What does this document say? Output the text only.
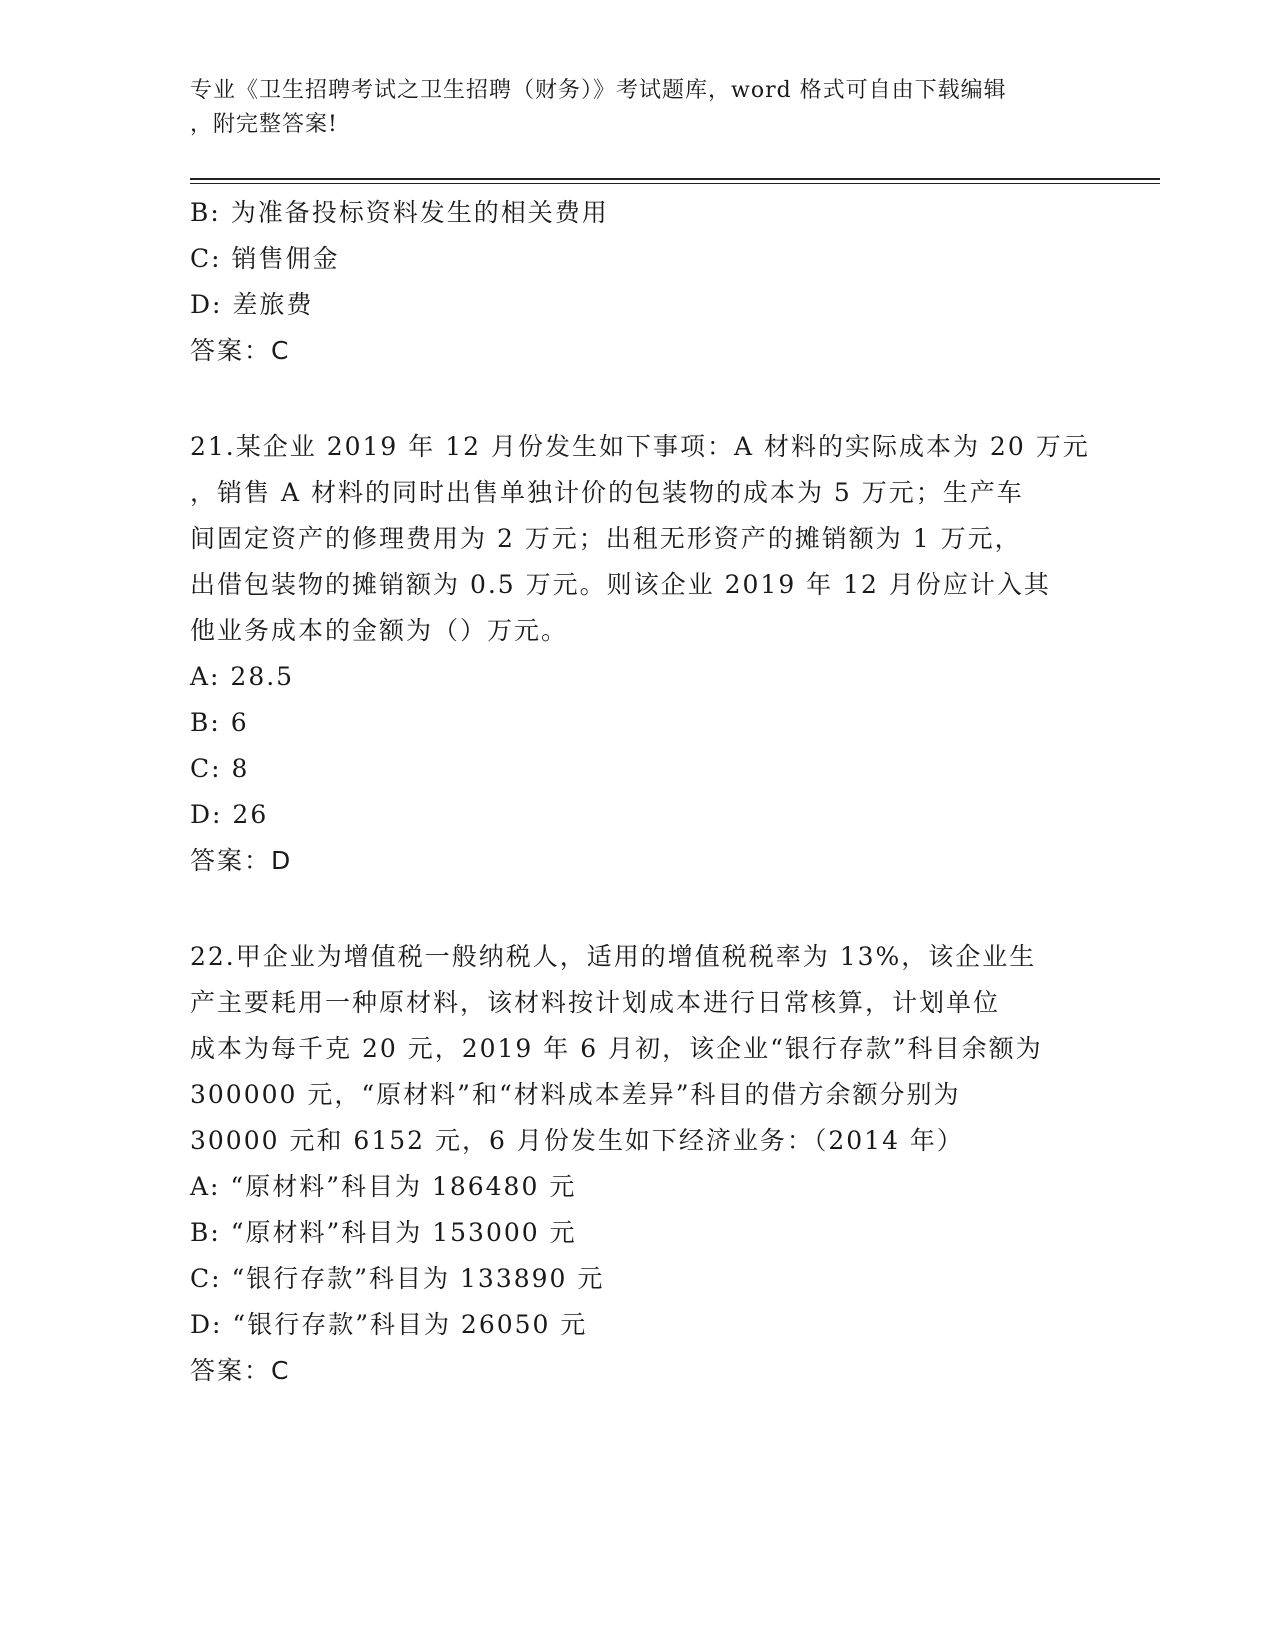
专业《卫生招聘考试之卫生招聘（财务）》考试题库，word 格式可自由下载编辑
，附完整答案!
B: 为准备投标资料发生的相关费用
C: 销售佣金
D: 差旅费
答案：C
21.某企业 2019 年 12 月份发生如下事项：A 材料的实际成本为 20 万元
，销售 A 材料的同时出售单独计价的包装物的成本为 5 万元；生产车
间固定资产的修理费用为 2 万元；出租无形资产的摊销额为 1 万元，
出借包装物的摊销额为 0.5 万元。则该企业 2019 年 12 月份应计入其
他业务成本的金额为（）万元。
A: 28.5
B: 6
C: 8
D: 26
答案：D
22.甲企业为增值税一般纳税人，适用的增值税税率为 13%，该企业生
产主要耗用一种原材料，该材料按计划成本进行日常核算，计划单位
成本为每千克 20 元，2019 年 6 月初，该企业“银行存款”科目余额为
300000 元，“原材料”和“材料成本差异”科目的借方余额分别为
30000 元和 6152 元，6 月份发生如下经济业务：（2014 年）
A: “原材料”科目为 186480 元
B: “原材料”科目为 153000 元
C: “银行存款”科目为 133890 元
D: “银行存款”科目为 26050 元
答案：C
